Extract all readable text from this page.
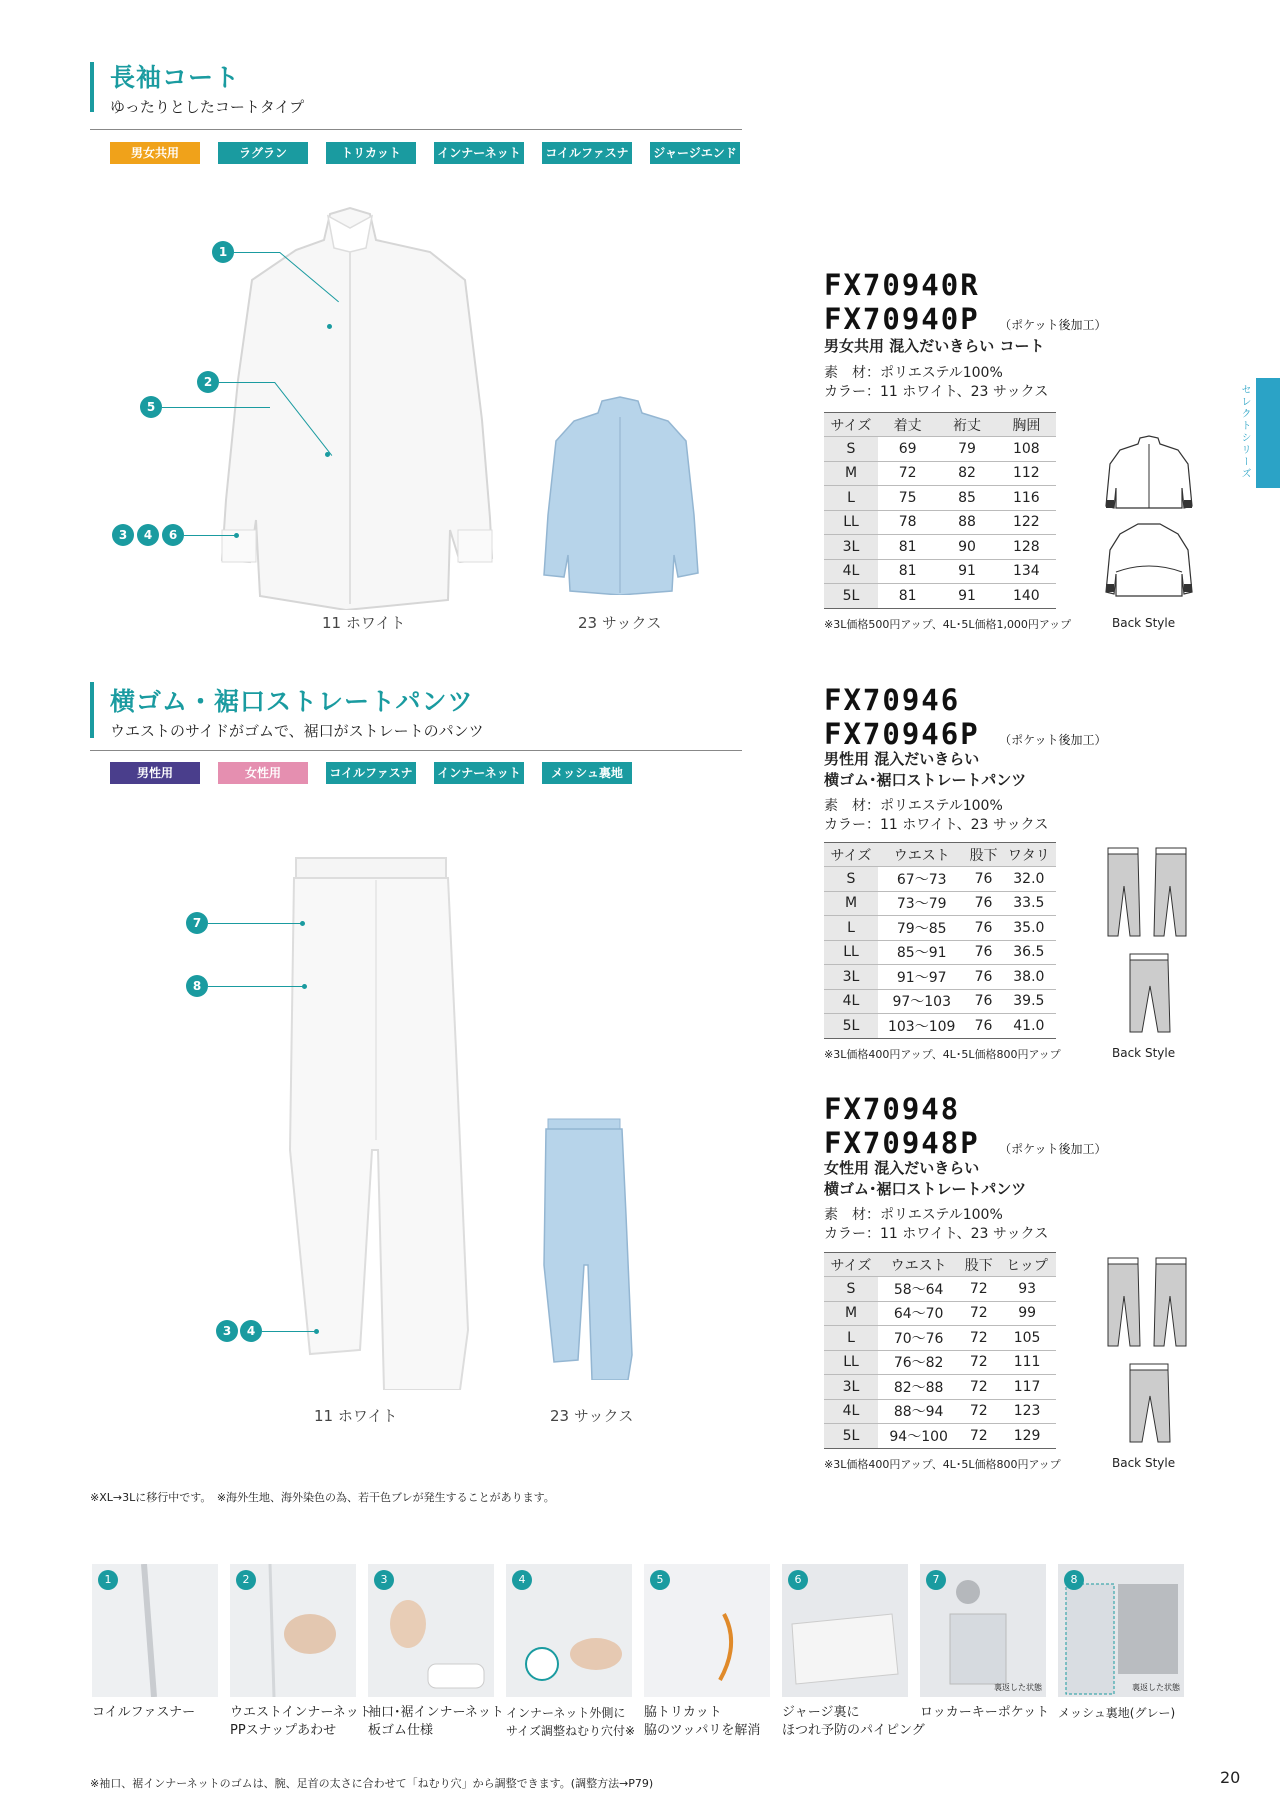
長袖コート
ゆったりとしたコートタイプ
男女共用	ラグラン	トリカット	インナーネット コイルファスナー
ジャージエンド
1
2
5
3	4	6
11 ホワイト	23 サックス
FX70940R
FX70940P （ポケット後加工）
男女共用 混入だいきらい コート
素　材：ポリエステル100%
カラー：11 ホワイト、23 サックス
サイズ	着丈	裄丈	胸囲
S	69	79	108
M	72	82	112
L	75	85	116
LL	78	88	122
3L	81	90	128
4L	81	91	134
5L	81	91	140
※3L価格500円アップ、4L･5L価格1,000円アップ	Back Style
横ゴム・裾口ストレートパンツ
ウエストのサイドがゴムで、裾口がストレートのパンツ
男性用	女性用	コイルファスナー
インナーネット	メッシュ裏地
7
8
3	4
11 ホワイト	23 サックス
FX70946
FX70946P （ポケット後加工）
男性用 混入だいきらい
横ゴム･裾口ストレートパンツ
素　材：ポリエステル100%
カラー：11 ホワイト、23 サックス
サイズ	ウエスト	股下	ワタリ
S	67〜73	76	32.0
M	73〜79	76	33.5
L	79〜85	76	35.0
LL	85〜91	76	36.5
3L	91〜97	76	38.0
4L	97〜103	76	39.5
5L	103〜109	76	41.0
※3L価格400円アップ、4L･5L価格800円アップ	Back Style
FX70948
FX70948P （ポケット後加工）
女性用 混入だいきらい
横ゴム･裾口ストレートパンツ
素　材：ポリエステル100%
カラー：11 ホワイト、23 サックス
サイズ	ウエスト	股下	ヒップ
S	58〜64	72	93
M	64〜70	72	99
L	70〜76	72	105
LL	76〜82	72	111
3L	82〜88	72	117
4L	88〜94	72	123
5L	94〜100	72	129
※3L価格400円アップ、4L･5L価格800円アップ	Back Style
※XL→3Lに移行中です。　※海外生地、海外染色の為、若干色ブレが発生することがあります。
1	2	3	4	5	6	7
裏返した状態
8
裏返した状態
コイルファスナー	ウエストインナーネット
PPスナップあわせ
袖口･裾インナーネット
板ゴム仕様
インナーネット外側に
サイズ調整ねむり穴付※
脇トリカット
脇のツッパリを解消
ジャージ裏に
ほつれ予防のパイピング
ロッカーキーポケット メッシュ裏地(グレー)
※袖口、裾インナーネットのゴムは、腕、足首の太さに合わせて「ねむり穴」から調整できます。(調整方法→P79)	20
セレクトシリーズ
